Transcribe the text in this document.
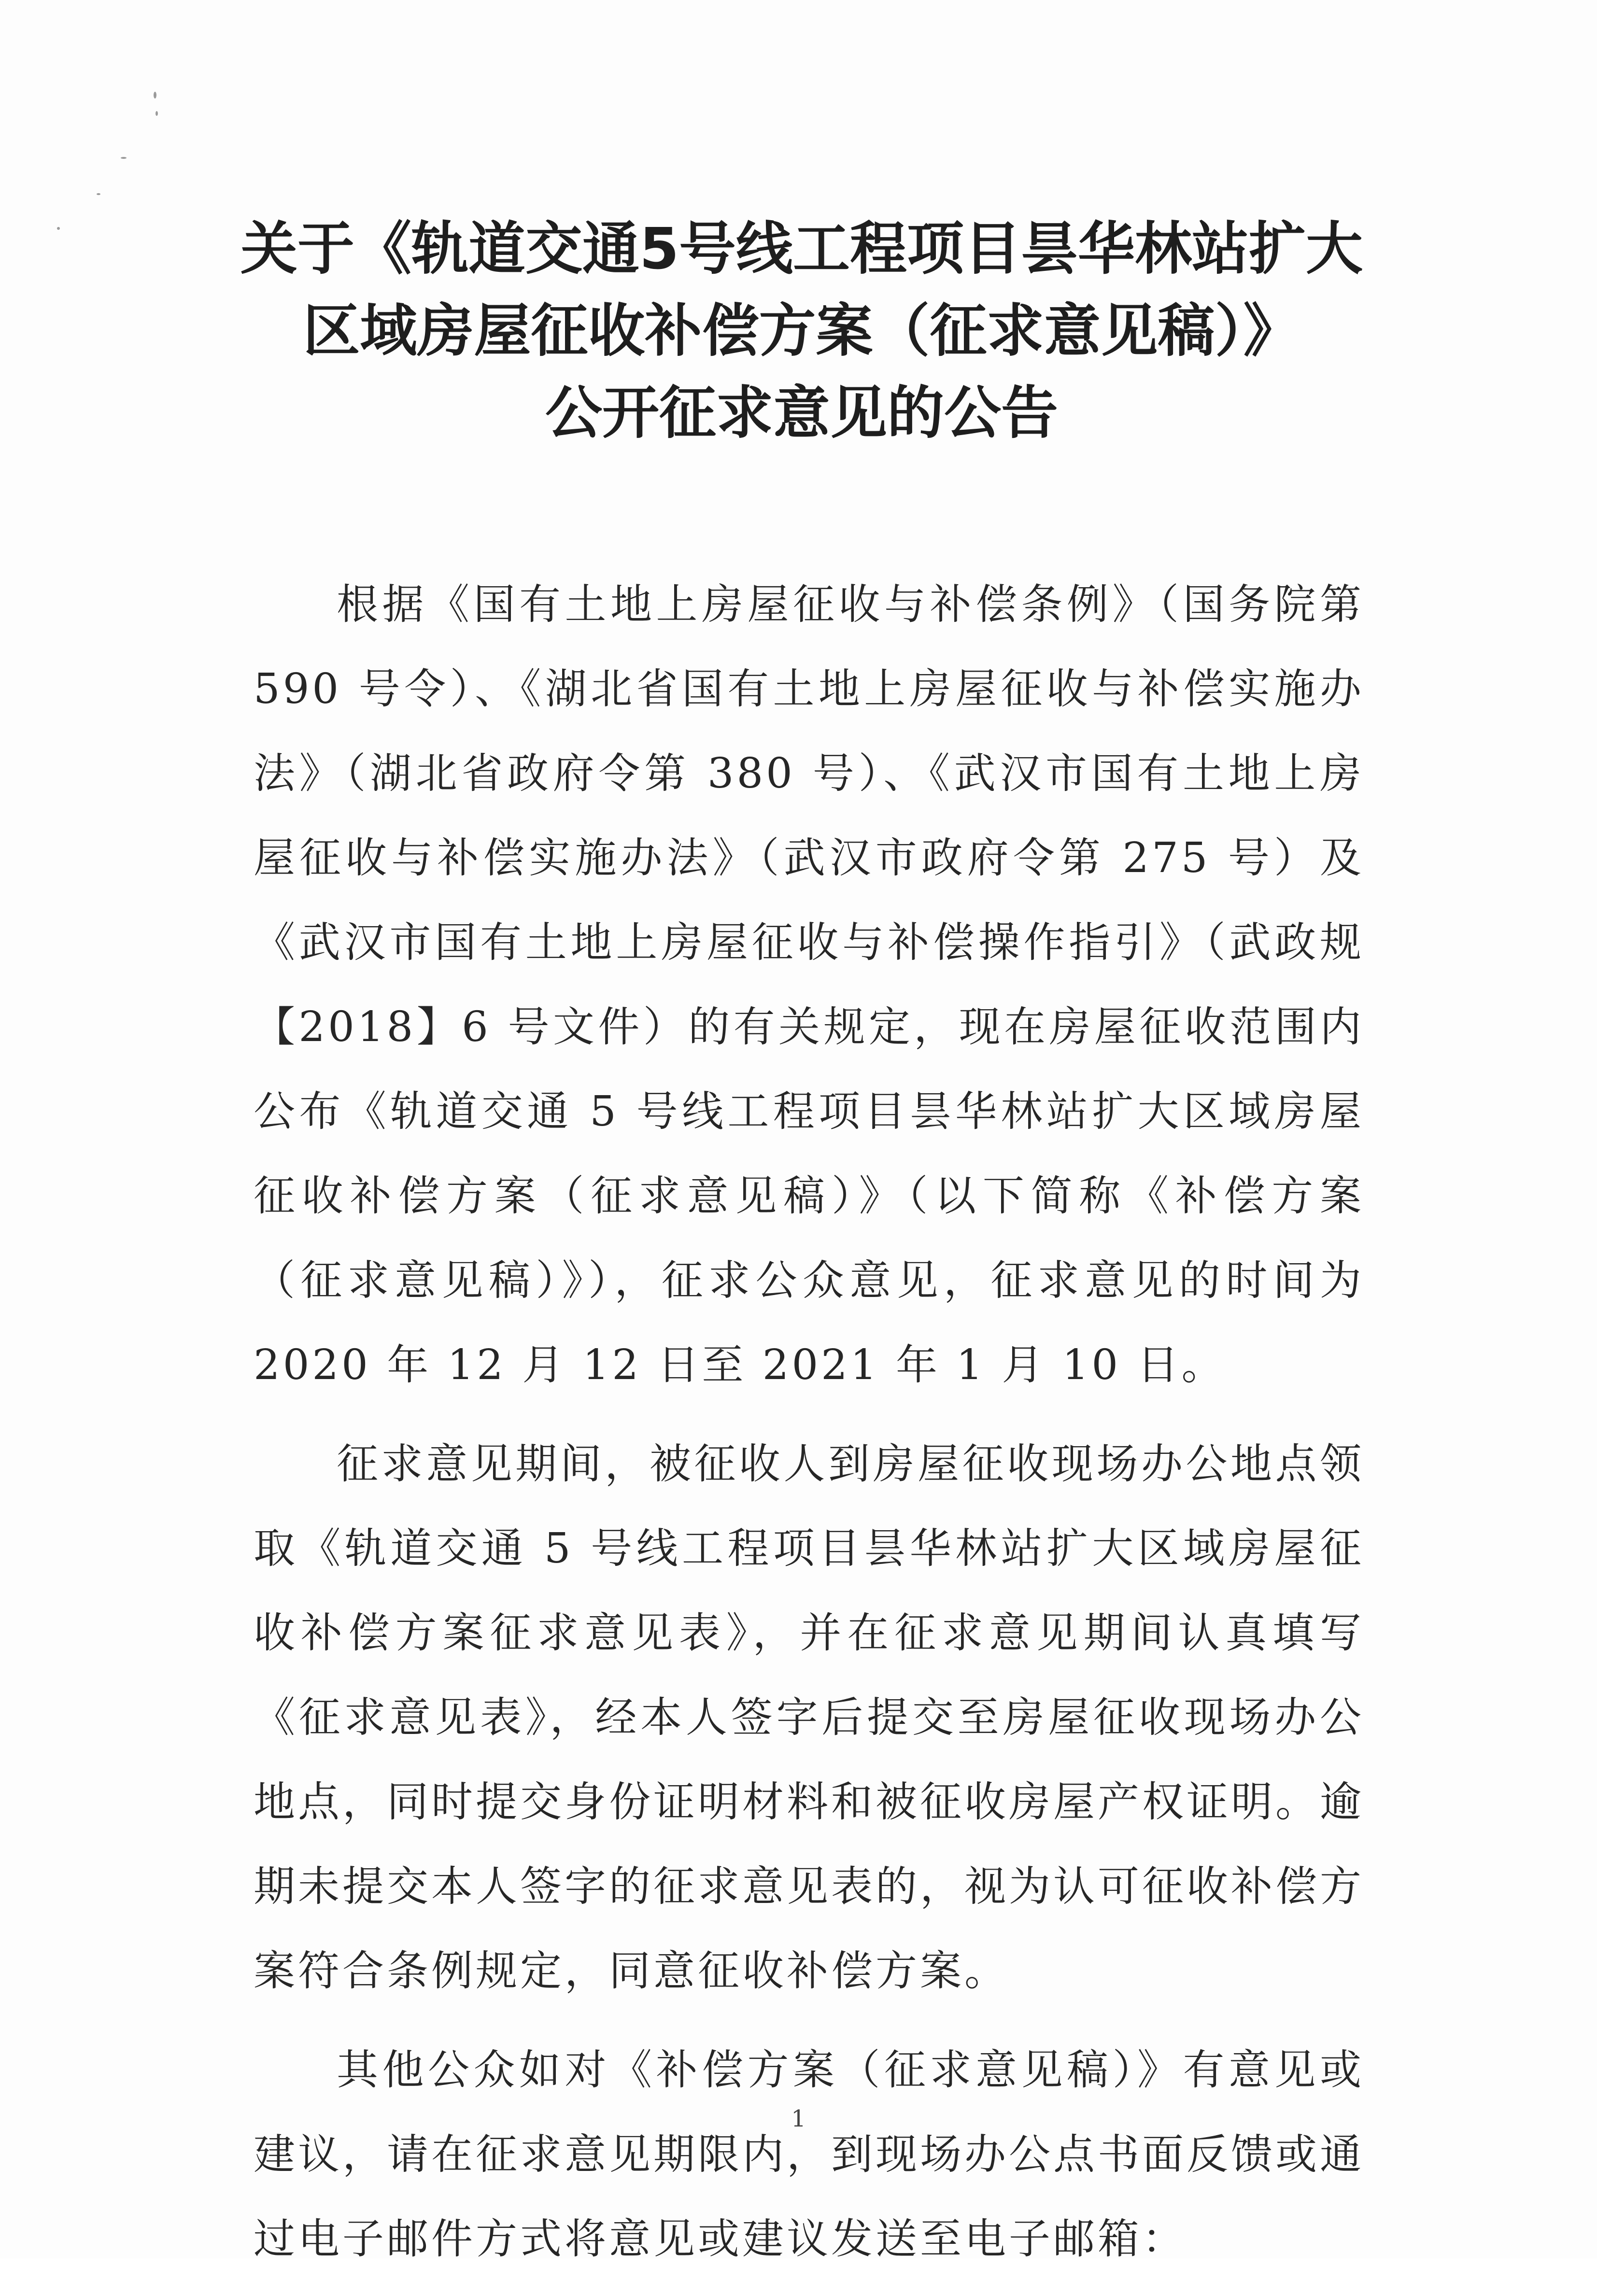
关于《轨道交通5号线工程项目昙华林站扩大
区域房屋征收补偿方案（征求意见稿）》
公开征求意见的公告

根据《国有土地上房屋征收与补偿条例》（国务院第 590 号令）、《湖北省国有土地上房屋征收与补偿实施办法》（湖北省政府令第 380 号）、《武汉市国有土地上房屋征收与补偿实施办法》（武汉市政府令第 275 号）及《武汉市国有土地上房屋征收与补偿操作指引》（武政规【2018】6 号文件）的有关规定，现在房屋征收范围内公布《轨道交通 5 号线工程项目昙华林站扩大区域房屋征收补偿方案（征求意见稿）》（以下简称《补偿方案（征求意见稿）》），征求公众意见，征求意见的时间为 2020 年 12 月 12 日至 2021 年 1 月 10 日。

征求意见期间，被征收人到房屋征收现场办公地点领取《轨道交通 5 号线工程项目昙华林站扩大区域房屋征收补偿方案征求意见表》，并在征求意见期间认真填写《征求意见表》，经本人签字后提交至房屋征收现场办公地点，同时提交身份证明材料和被征收房屋产权证明。逾期未提交本人签字的征求意见表的，视为认可征收补偿方案符合条例规定，同意征收补偿方案。

其他公众如对《补偿方案（征求意见稿）》有意见或建议，请在征求意见期限内，到现场办公点书面反馈或通过电子邮件方式将意见或建议发送至电子邮箱：

1
